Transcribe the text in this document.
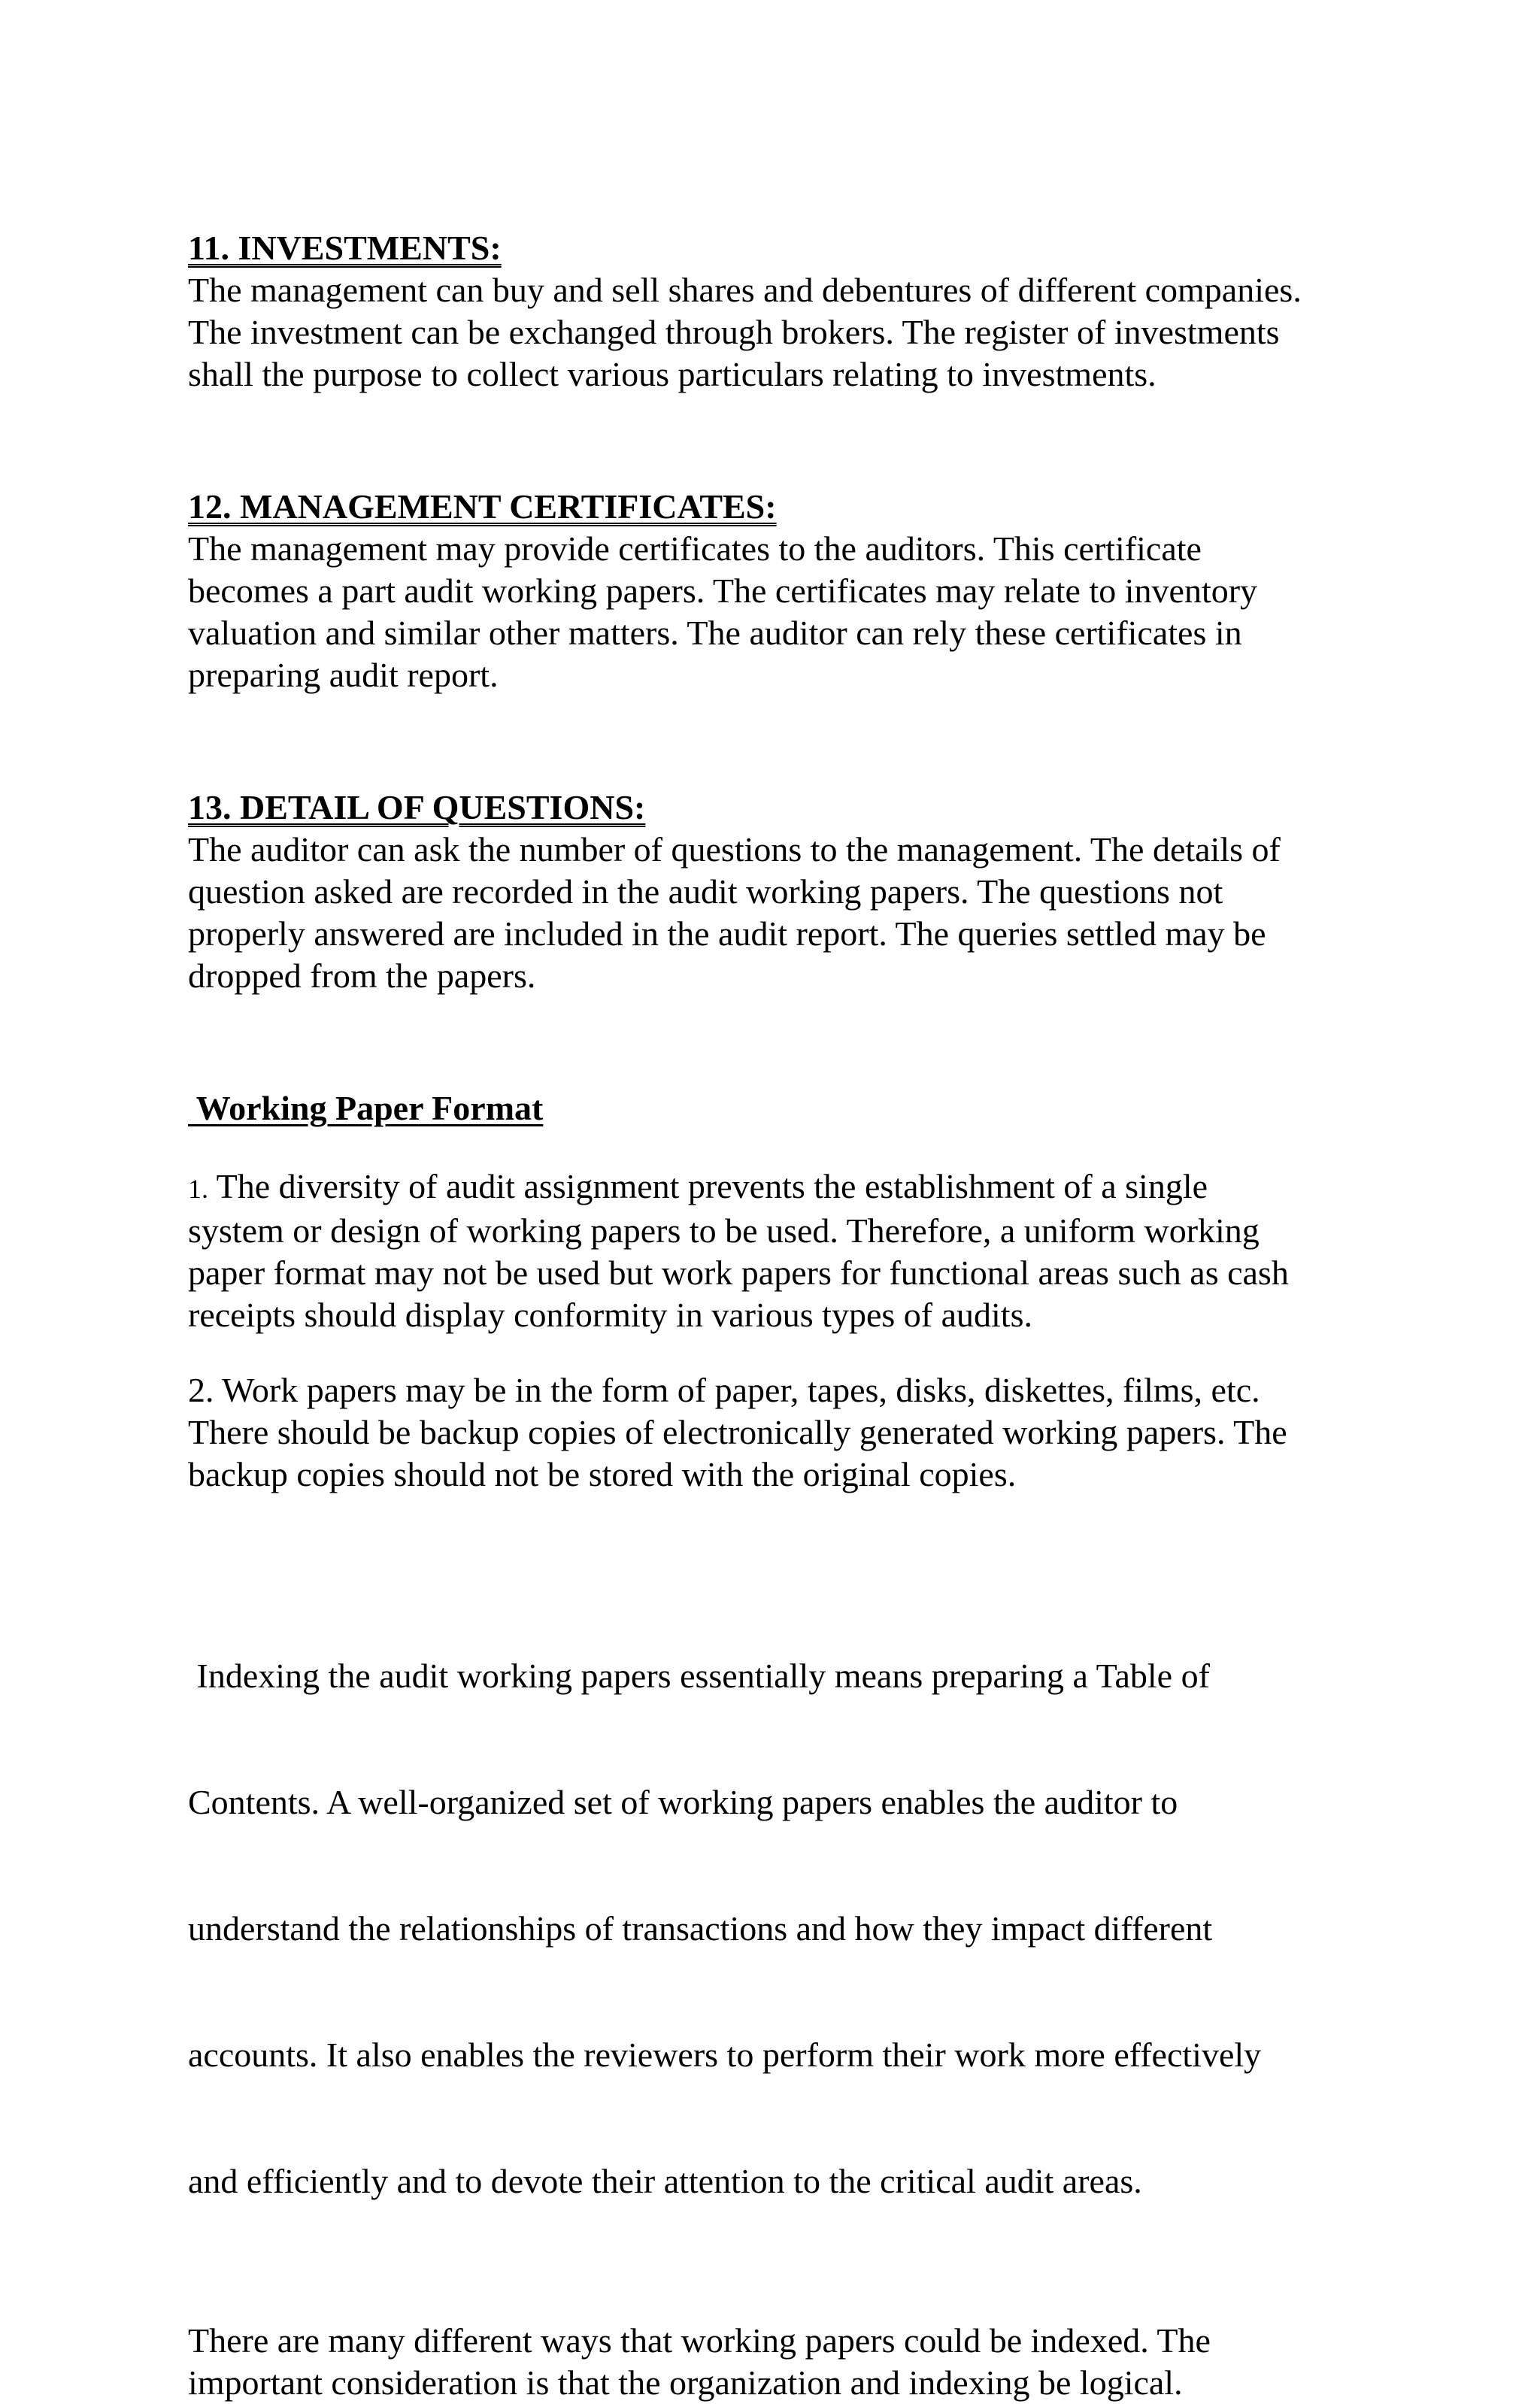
11. INVESTMENTS:

The management can buy and sell shares and debentures of different companies.
The investment can be exchanged through brokers. The register of investments
shall the purpose to collect various particulars relating to investments.

12. MANAGEMENT CERTIFICATES:

The management may provide certificates to the auditors. This certificate
becomes a part audit working papers. The certificates may relate to inventory
valuation and similar other matters. The auditor can rely these certificates in
preparing audit report.

13. DETAIL OF QUESTIONS:

The auditor can ask the number of questions to the management. The details of
question asked are recorded in the audit working papers. The questions not
properly answered are included in the audit report. The queries settled may be
dropped from the papers.

Working Paper Format

1. The diversity of audit assignment prevents the establishment of a single
system or design of working papers to be used. Therefore, a uniform working
paper format may not be used but work papers for functional areas such as cash
receipts should display conformity in various types of audits.

2. Work papers may be in the form of paper, tapes, disks, diskettes, films, etc.
There should be backup copies of electronically generated working papers. The
backup copies should not be stored with the original copies.

Indexing the audit working papers essentially means preparing a Table of

Contents. A well-organized set of working papers enables the auditor to

understand the relationships of transactions and how they impact different

accounts. It also enables the reviewers to perform their work more effectively

and efficiently and to devote their attention to the critical audit areas.

There are many different ways that working papers could be indexed. The
important consideration is that the organization and indexing be logical.
